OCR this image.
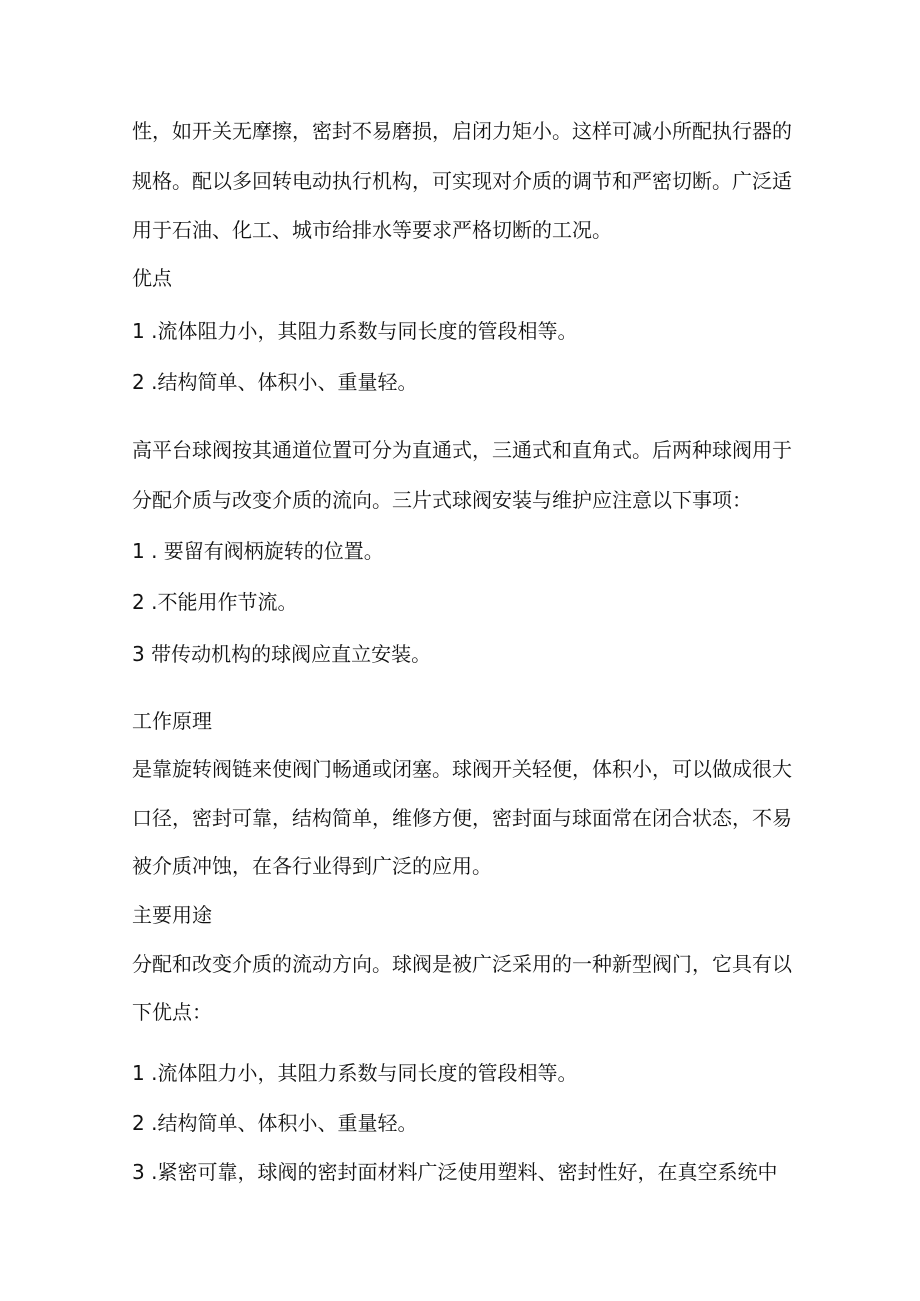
性，如开关无摩擦，密封不易磨损，启闭力矩小。这样可减小所配执行器的
规格。配以多回转电动执行机构，可实现对介质的调节和严密切断。广泛适
用于石油、化工、城市给排水等要求严格切断的工况。
优点
1 .流体阻力小，其阻力系数与同长度的管段相等。
2 .结构简单、体积小、重量轻。
高平台球阀按其通道位置可分为直通式，三通式和直角式。后两种球阀用于
分配介质与改变介质的流向。三片式球阀安装与维护应注意以下事项：
1 . 要留有阀柄旋转的位置。
2 .不能用作节流。
3 带传动机构的球阀应直立安装。
工作原理
是靠旋转阀链来使阀门畅通或闭塞。球阀开关轻便，体积小，可以做成很大
口径，密封可靠，结构简单，维修方便，密封面与球面常在闭合状态，不易
被介质冲蚀，在各行业得到广泛的应用。
主要用途
分配和改变介质的流动方向。球阀是被广泛采用的一种新型阀门，它具有以
下优点：
1 .流体阻力小，其阻力系数与同长度的管段相等。
2 .结构简单、体积小、重量轻。
3 .紧密可靠，球阀的密封面材料广泛使用塑料、密封性好，在真空系统中
